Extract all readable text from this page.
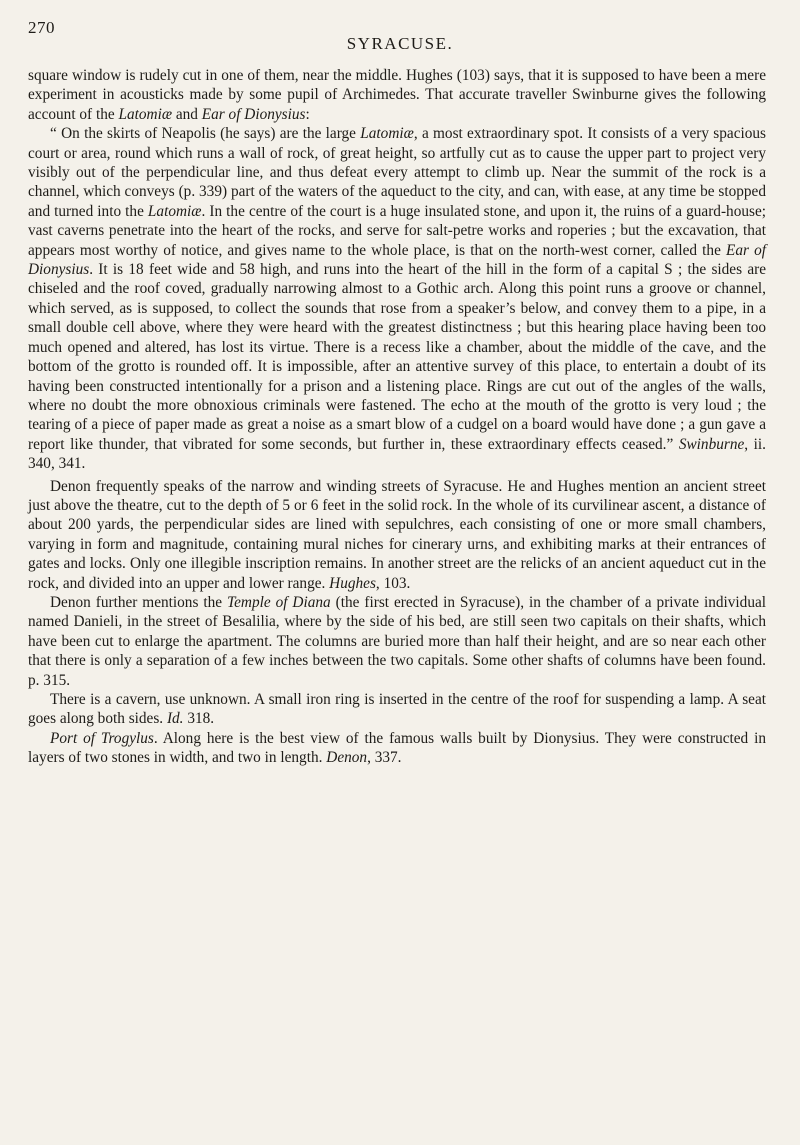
270
SYRACUSE.

square window is rudely cut in one of them, near the middle. Hughes (103) says, that it is supposed to have been a mere experiment in acousticks made by some pupil of Archimedes. That accurate traveller Swinburne gives the following account of the Latomiæ and Ear of Dionysius:

“ On the skirts of Neapolis (he says) are the large Latomiæ, a most extraordinary spot. It consists of a very spacious court or area, round which runs a wall of rock, of great height, so artfully cut as to cause the upper part to project very visibly out of the perpendicular line, and thus defeat every attempt to climb up. Near the summit of the rock is a channel, which conveys (p. 339) part of the waters of the aqueduct to the city, and can, with ease, at any time be stopped and turned into the Latomiæ. In the centre of the court is a huge insulated stone, and upon it, the ruins of a guard-house; vast caverns penetrate into the heart of the rocks, and serve for salt-petre works and roperies ; but the excavation, that appears most worthy of notice, and gives name to the whole place, is that on the north-west corner, called the Ear of Dionysius. It is 18 feet wide and 58 high, and runs into the heart of the hill in the form of a capital S ; the sides are chiseled and the roof coved, gradually narrowing almost to a Gothic arch. Along this point runs a groove or channel, which served, as is supposed, to collect the sounds that rose from a speaker’s below, and convey them to a pipe, in a small double cell above, where they were heard with the greatest distinctness ; but this hearing place having been too much opened and altered, has lost its virtue. There is a recess like a chamber, about the middle of the cave, and the bottom of the grotto is rounded off. It is impossible, after an attentive survey of this place, to entertain a doubt of its having been constructed intentionally for a prison and a listening place. Rings are cut out of the angles of the walls, where no doubt the more obnoxious criminals were fastened. The echo at the mouth of the grotto is very loud ; the tearing of a piece of paper made as great a noise as a smart blow of a cudgel on a board would have done ; a gun gave a report like thunder, that vibrated for some seconds, but further in, these extraordinary effects ceased.” Swinburne, ii. 340, 341.

Denon frequently speaks of the narrow and winding streets of Syracuse. He and Hughes mention an ancient street just above the theatre, cut to the depth of 5 or 6 feet in the solid rock. In the whole of its curvilinear ascent, a distance of about 200 yards, the perpendicular sides are lined with sepulchres, each consisting of one or more small chambers, varying in form and magnitude, containing mural niches for cinerary urns, and exhibiting marks at their entrances of gates and locks. Only one illegible inscription remains. In another street are the relicks of an ancient aqueduct cut in the rock, and divided into an upper and lower range. Hughes, 103.

Denon further mentions the Temple of Diana (the first erected in Syracuse), in the chamber of a private individual named Danieli, in the street of Besalilia, where by the side of his bed, are still seen two capitals on their shafts, which have been cut to enlarge the apartment. The columns are buried more than half their height, and are so near each other that there is only a separation of a few inches between the two capitals. Some other shafts of columns have been found. p. 315.

There is a cavern, use unknown. A small iron ring is inserted in the centre of the roof for suspending a lamp. A seat goes along both sides. Id. 318.

Port of Trogylus. Along here is the best view of the famous walls built by Dionysius. They were constructed in layers of two stones in width, and two in length. Denon, 337.
